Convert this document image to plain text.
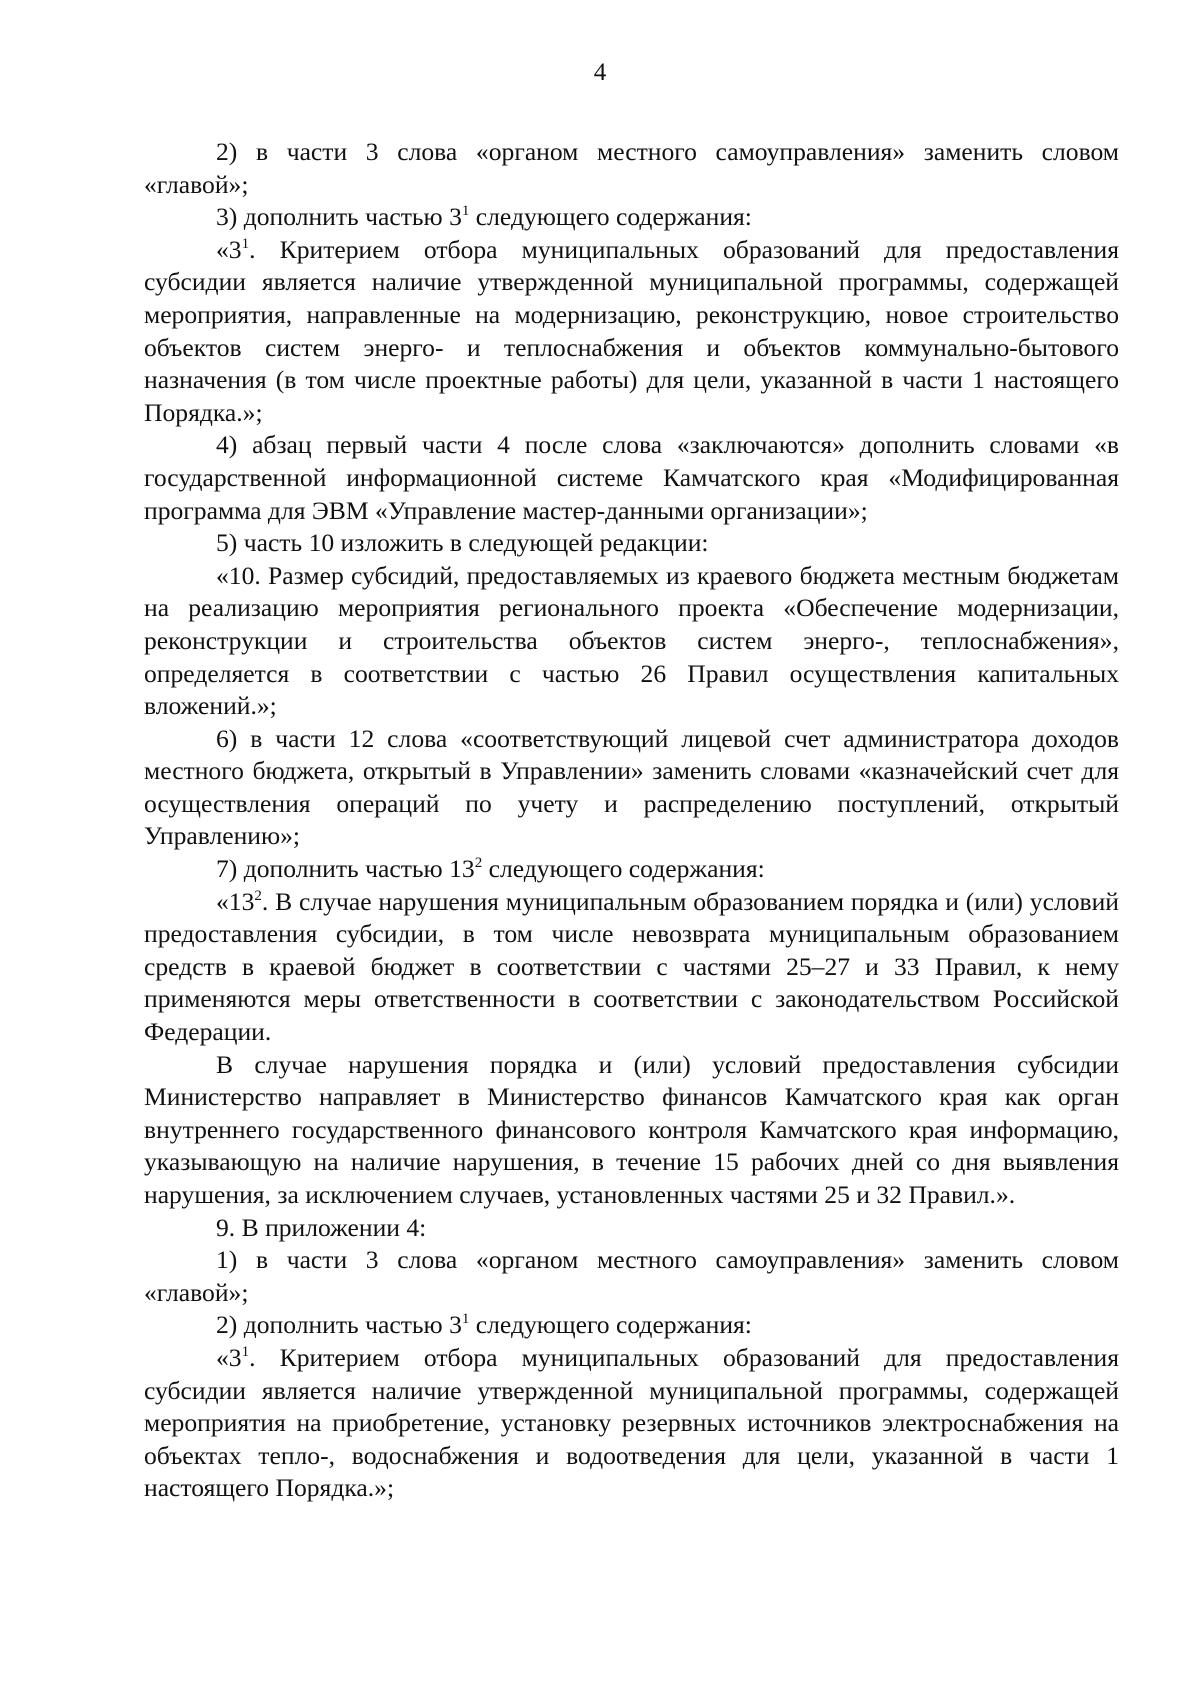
4

2) в части 3 слова «органом местного самоуправления» заменить словом «главой»;

3) дополнить частью $3^1$ следующего содержания:

«$3^1$. Критерием отбора муниципальных образований для предоставления субсидии является наличие утвержденной муниципальной программы, содержащей мероприятия, направленные на модернизацию, реконструкцию, новое строительство объектов систем энерго- и теплоснабжения и объектов коммунально-бытового назначения (в том числе проектные работы) для цели, указанной в части 1 настоящего Порядка.»;

4) абзац первый части 4 после слова «заключаются» дополнить словами «в государственной информационной системе Камчатского края «Модифицированная программа для ЭВМ «Управление мастер-данными организации»;

5) часть 10 изложить в следующей редакции:

«10. Размер субсидий, предоставляемых из краевого бюджета местным бюджетам на реализацию мероприятия регионального проекта «Обеспечение модернизации, реконструкции и строительства объектов систем энерго-, теплоснабжения», определяется в соответствии с частью 26 Правил осуществления капитальных вложений.»;

6) в части 12 слова «соответствующий лицевой счет администратора доходов местного бюджета, открытый в Управлении» заменить словами «казначейский счет для осуществления операций по учету и распределению поступлений, открытый Управлению»;

7) дополнить частью $13^2$ следующего содержания:

«$13^2$. В случае нарушения муниципальным образованием порядка и (или) условий предоставления субсидии, в том числе невозврата муниципальным образованием средств в краевой бюджет в соответствии с частями 25–27 и 33 Правил, к нему применяются меры ответственности в соответствии с законодательством Российской Федерации.

В случае нарушения порядка и (или) условий предоставления субсидии Министерство направляет в Министерство финансов Камчатского края как орган внутреннего государственного финансового контроля Камчатского края информацию, указывающую на наличие нарушения, в течение 15 рабочих дней со дня выявления нарушения, за исключением случаев, установленных частями 25 и 32 Правил.».

9. В приложении 4:

1) в части 3 слова «органом местного самоуправления» заменить словом «главой»;

2) дополнить частью $3^1$ следующего содержания:

«$3^1$. Критерием отбора муниципальных образований для предоставления субсидии является наличие утвержденной муниципальной программы, содержащей мероприятия на приобретение, установку резервных источников электроснабжения на объектах тепло-, водоснабжения и водоотведения для цели, указанной в части 1 настоящего Порядка.»;
